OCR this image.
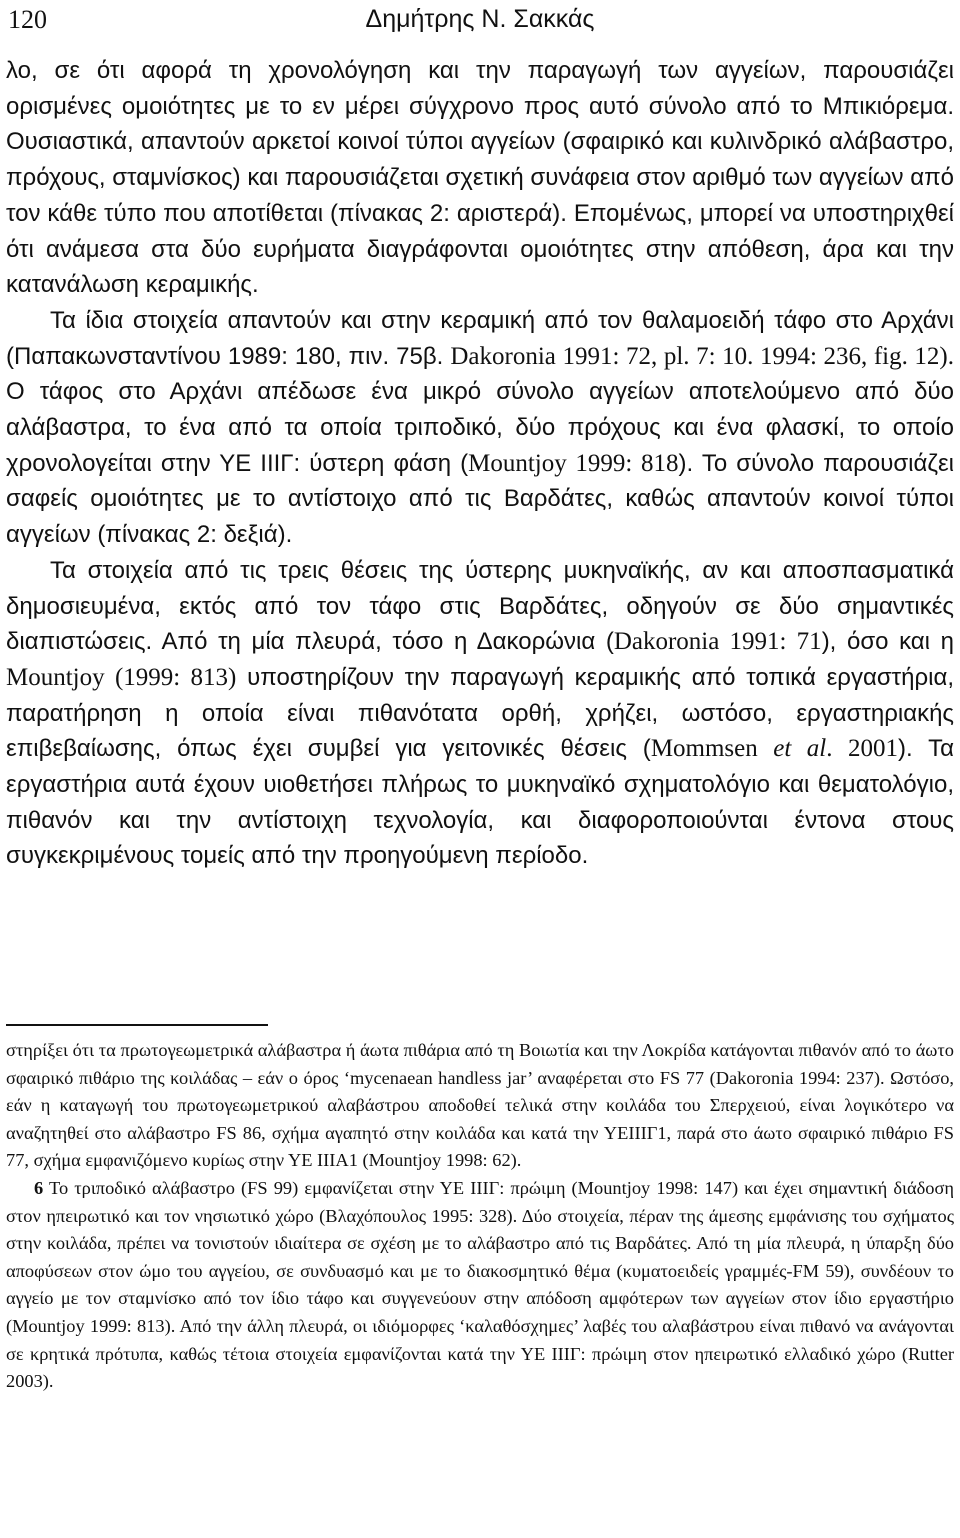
120	Δημήτρης Ν. Σακκάς

λο, σε ότι αφορά τη χρονολόγηση και την παραγωγή των αγγείων, παρουσιάζει ορισμένες ομοιότητες με το εν μέρει σύγχρονο προς αυτό σύνολο από το Μπικιόρεμα. Ουσιαστικά, απαντούν αρκετοί κοινοί τύποι αγγείων (σφαιρικό και κυλινδρικό αλάβαστρο, πρόχους, σταμνίσκος) και παρουσιάζεται σχετική συνάφεια στον αριθμό των αγγείων από τον κάθε τύπο που αποτίθεται (πίνακας 2: αριστερά). Επομένως, μπορεί να υποστηριχθεί ότι ανάμεσα στα δύο ευρήματα διαγράφονται ομοιότητες στην απόθεση, άρα και την κατανάλωση κεραμικής.

Τα ίδια στοιχεία απαντούν και στην κεραμική από τον θαλαμοειδή τάφο στο Αρχάνι (Παπακωνσταντίνου 1989: 180, πιν. 75β. Dakoronia 1991: 72, pl. 7: 10. 1994: 236, fig. 12). Ο τάφος στο Αρχάνι απέδωσε ένα μικρό σύνολο αγγείων αποτελούμενο από δύο αλάβαστρα, το ένα από τα οποία τριποδικό, δύο πρόχους και ένα φλασκί, το οποίο χρονολογείται στην ΥΕ ΙΙΙΓ: ύστερη φάση (Mountjoy 1999: 818). Το σύνολο παρουσιάζει σαφείς ομοιότητες με το αντίστοιχο από τις Βαρδάτες, καθώς απαντούν κοινοί τύποι αγγείων (πίνακας 2: δεξιά).

Τα στοιχεία από τις τρεις θέσεις της ύστερης μυκηναϊκής, αν και αποσπασματικά δημοσιευμένα, εκτός από τον τάφο στις Βαρδάτες, οδηγούν σε δύο σημαντικές διαπιστώσεις. Από τη μία πλευρά, τόσο η Δακορώνια (Dakoronia 1991: 71), όσο και η Mountjoy (1999: 813) υποστηρίζουν την παραγωγή κεραμικής από τοπικά εργαστήρια, παρατήρηση η οποία είναι πιθανότατα ορθή, χρήζει, ωστόσο, εργαστηριακής επιβεβαίωσης, όπως έχει συμβεί για γειτονικές θέσεις (Mommsen et al. 2001). Τα εργαστήρια αυτά έχουν υιοθετήσει πλήρως το μυκηναϊκό σχηματολόγιο και θεματολόγιο, πιθανόν και την αντίστοιχη τεχνολογία, και διαφοροποιούνται έντονα στους συγκεκριμένους τομείς από την προηγούμενη περίοδο.

στηρίξει ότι τα πρωτογεωμετρικά αλάβαστρα ή άωτα πιθάρια από τη Βοιωτία και την Λοκρίδα κατάγονται πιθανόν από το άωτο σφαιρικό πιθάριο της κοιλάδας – εάν ο όρος ‘mycenaean handless jar’ αναφέρεται στο FS 77 (Dakoronia 1994: 237). Ωστόσο, εάν η καταγωγή του πρωτογεωμετρικού αλαβάστρου αποδοθεί τελικά στην κοιλάδα του Σπερχειού, είναι λογικότερο να αναζητηθεί στο αλάβαστρο FS 86, σχήμα αγαπητό στην κοιλάδα και κατά την ΥΕΙΙΙΓ1, παρά στο άωτο σφαιρικό πιθάριο FS 77, σχήμα εμφανιζόμενο κυρίως στην ΥΕ ΙΙΙΑ1 (Mountjoy 1998: 62).

6 Το τριποδικό αλάβαστρο (FS 99) εμφανίζεται στην ΥΕ ΙΙΙΓ: πρώιμη (Mountjoy 1998: 147) και έχει σημαντική διάδοση στον ηπειρωτικό και τον νησιωτικό χώρο (Βλαχόπουλος 1995: 328). Δύο στοιχεία, πέραν της άμεσης εμφάνισης του σχήματος στην κοιλάδα, πρέπει να τονιστούν ιδιαίτερα σε σχέση με το αλάβαστρο από τις Βαρδάτες. Από τη μία πλευρά, η ύπαρξη δύο αποφύσεων στον ώμο του αγγείου, σε συνδυασμό και με το διακοσμητικό θέμα (κυματοειδείς γραμμές-FM 59), συνδέουν το αγγείο με τον σταμνίσκο από τον ίδιο τάφο και συγγενεύουν στην απόδοση αμφότερων των αγγείων στον ίδιο εργαστήριο (Mountjoy 1999: 813). Από την άλλη πλευρά, οι ιδιόμορφες ‘καλαθόσχημες’ λαβές του αλαβάστρου είναι πιθανό να ανάγονται σε κρητικά πρότυπα, καθώς τέτοια στοιχεία εμφανίζονται κατά την ΥΕ ΙΙΙΓ: πρώιμη στον ηπειρωτικό ελλαδικό χώρο (Rutter 2003).
